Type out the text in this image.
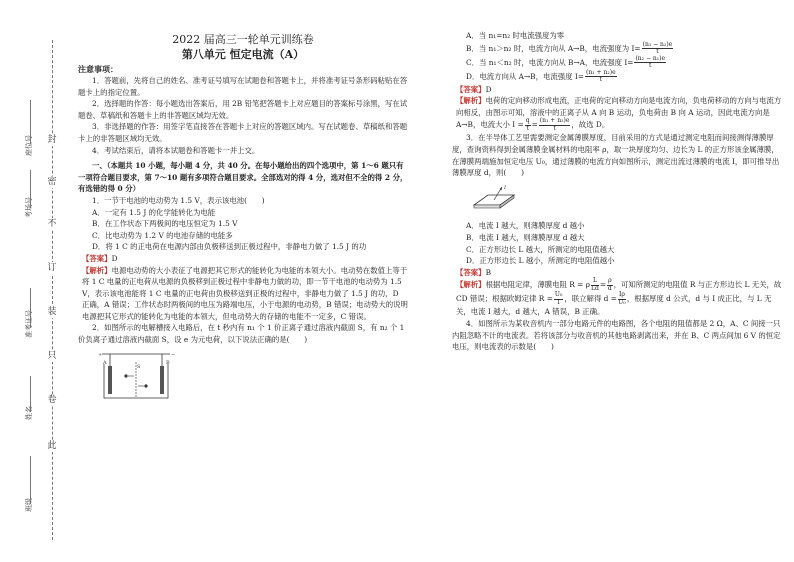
封
密
不
订
装
只
卷
此
准考证号
考场号
座位号
姓名
班级

2022 届高三一轮单元训练卷

第八单元 恒定电流（A）

注意事项：

1．答题前，先将自己的姓名、准考证号填写在试题卷和答题卡上，并将准考证号条形码粘贴在答题卡上的指定位置。

2．选择题的作答：每小题选出答案后，用 2B 铅笔把答题卡上对应题目的答案标号涂黑，写在试题卷、草稿纸和答题卡上的非答题区域均无效。

3．非选择题的作答：用签字笔直接答在答题卡上对应的答题区域内。写在试题卷、草稿纸和答题卡上的非答题区域均无效。

4．考试结束后，请将本试题卷和答题卡一并上交。

一、（本题共 10 小题，每小题 4 分，共 40 分。在每小题给出的四个选项中，第 1～6 题只有一项符合题目要求，第 7～10 题有多项符合题目要求。全部选对的得 4 分，选对但不全的得 2 分，有选错的得 0 分）

1．一节干电池的电动势为 1.5 V，表示该电池(　　)

A．一定有 1.5 J 的化学能转化为电能

B．在工作状态下两极间的电压恒定为 1.5 V

C．比电动势为 1.2 V 的电池存储的电能多

D．将 1 C 的正电荷在电源内部由负极移送到正极过程中，非静电力做了 1.5 J 的功

【答案】D

【解析】电源电动势的大小表征了电源把其它形式的能转化为电能的本领大小。电动势在数值上等于将 1 C 电量的正电荷从电源的负极移到正极过程中非静电力做的功，即一节干电池的电动势为 1.5 V，表示该电池能将 1 C 电量的正电荷由负极移送到正极的过程中，非静电力做了 1.5 J 的功，D 正确，A 错误；工作状态时两极间的电压为路端电压，小于电源的电动势，B 错误；电动势大的说明电源把其它形式的能转化为电能的本领大，但电动势大的存储的电能不一定多，C 错误。

2．如图所示的电解槽接入电路后，在 t 秒内有 n₁ 个 1 价正离子通过溶液内截面 S，有 n₂ 个 1 价负离子通过溶液内截面 S，设 e 为元电荷，以下说法正确的是(　　)

+	−
A	B
S

A．当 n₁=n₂ 时电流强度为零

B．当 n₁＞n₂ 时，电流方向从 A→B，电流强度为 $I= \frac{\text{(n₁ − n₂)e}}{t}$

C．当 n₁＜n₂ 时，电流方向从 B→A，电流强度 $I= \frac{\text{(n₂ − n₁)e}}{t}$

D．电流方向从 A→B，电流强度 $I= \frac{\text{(n₁ + n₂)e}}{t}$

【答案】D

【解析】电荷的定向移动形成电流，正电荷的定向移动方向是电流方向，负电荷移动的方向与电流方向相反，由图示可知，溶液中的正离子从 A 向 B 运动，负电荷由 B 向 A 运动，因此电流方向是 A→B，电流大小 $I = \frac{q}{t} = \frac{\text{(n₁ + n₂)e}}{t}$ ，故选 D。

3．在半导体工艺里需要测定金属薄膜厚度，目前采用的方式是通过测定电阻而间接测得薄膜厚度，查询资料得到金属薄膜金属材料的电阻率 ρ，取一块厚度均匀、边长为 L 的正方形该金属薄膜，在薄膜两端施加恒定电压 U₀，通过薄膜的电流方向如图所示，测定出流过薄膜的电流 I，即可推导出薄膜厚度 d，则(　　)

I

A．电流 I 越大，则薄膜厚度 d 越小

B．电流 I 越大，则薄膜厚度 d 越大

C．正方形边长 L 越大，所测定的电阻值越大

D．正方形边长 L 越小，所测定的电阻值越小

【答案】B

【解析】根据电阻定律，薄膜电阻 R = ρ $\frac{L}{Ld} = \frac{\rho}{d}$ ，可知所测定的电阻值 R 与正方形边长 L 无关，故 CD 错误；根据欧姆定律 $R = \frac{\text{U₀}}{I}$ ，联立解得 $d = \frac{I\rho}{\text{U₀}}$ ，根据厚度 d 公式，d 与 I 成正比，与 L 无关，电流 I 越大，d 越大，A 错误，B 正确。

4．如图所示为某收音机内一部分电路元件的电路图，各个电阻的阻值都是 2 Ω，A、C 间接一只内阻忽略不计的电流表。若将该部分与收音机的其他电路剥离出来，并在 B、C 两点间加 6 V 的恒定电压，则电流表的示数是(　　)
